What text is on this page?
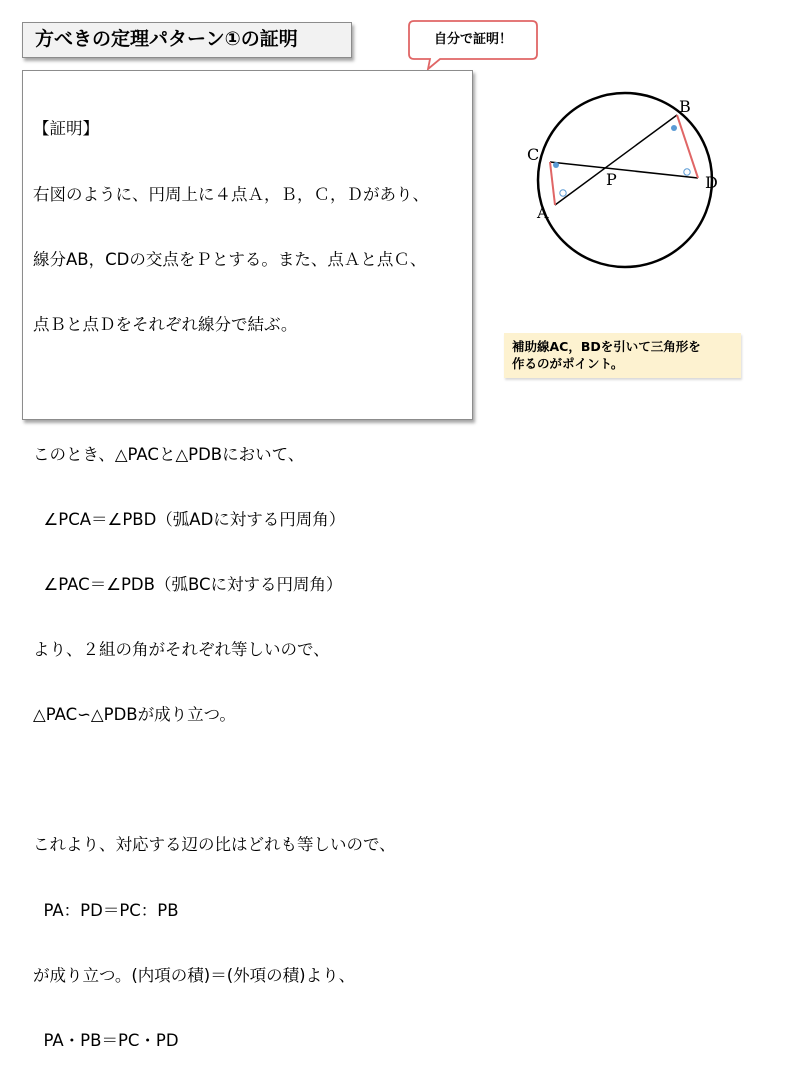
方べきの定理パターン①の証明	自分で証明！

【証明】

右図のように、円周上に４点Ａ，Ｂ，Ｃ，Ｄがあり、

線分AB，CDの交点をＰとする。また、点Ａと点Ｃ、

点Ｂと点Ｄをそれぞれ線分で結ぶ。

このとき、△PACと△PDBにおいて、

∠PCA＝∠PBD（弧ADに対する円周角）

∠PAC＝∠PDB（弧BCに対する円周角）

より、２組の角がそれぞれ等しいので、

△PAC∽△PDBが成り立つ。

これより、対応する辺の比はどれも等しいので、

PA：PD＝PC：PB

が成り立つ。(内項の積)＝(外項の積)より、

PA・PB＝PC・PD

B
C
P	D
A
補助線AC，BDを引いて三角形を
作るのがポイント。
